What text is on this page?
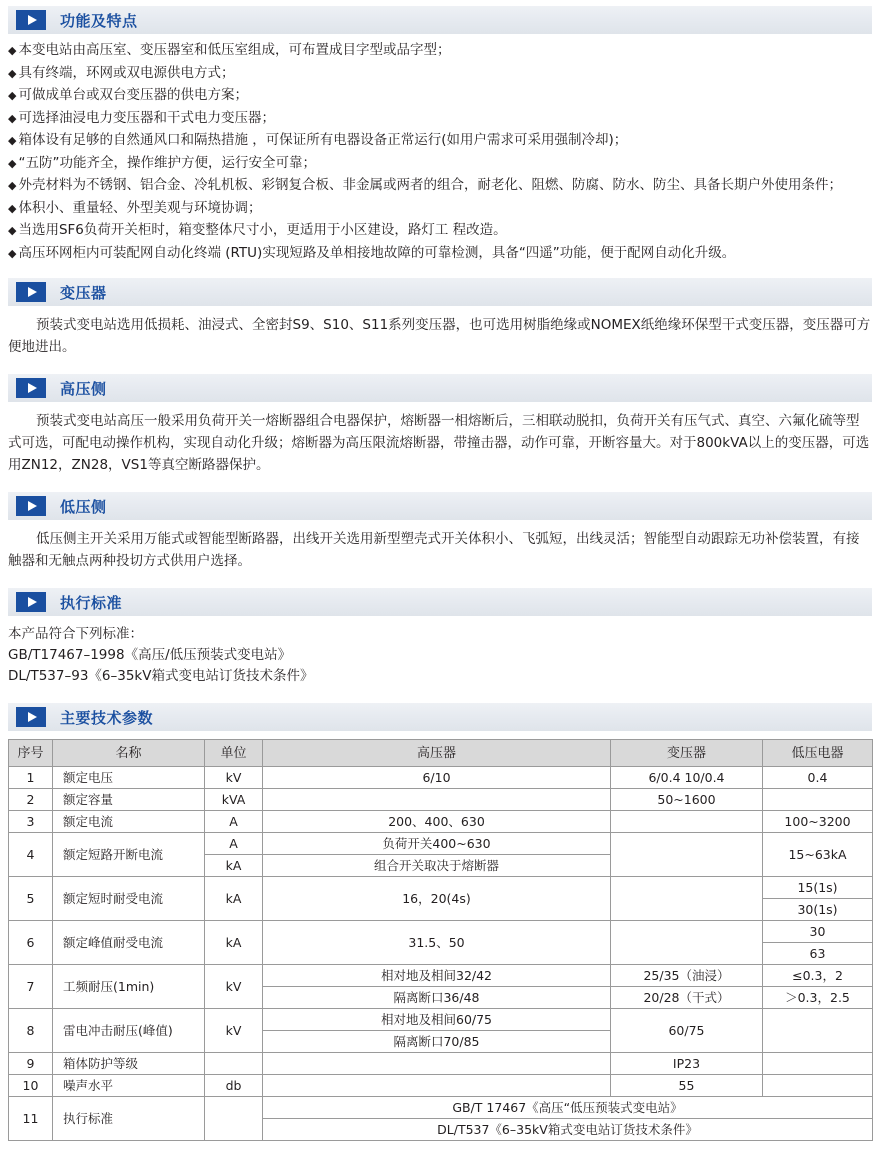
功能及特点
◆ 本变电站由高压室、变压器室和低压室组成，可布置成目字型或品字型；
◆ 具有终端，环网或双电源供电方式；
◆ 可做成单台或双台变压器的供电方案；
◆ 可选择油浸电力变压器和干式电力变压器；
◆ 箱体设有足够的自然通风口和隔热措施 ，可保证所有电器设备正常运行(如用户需求可采用强制冷却)；
◆ “五防”功能齐全，操作维护方便，运行安全可靠；
◆ 外壳材料为不锈钢、铝合金、冷轧机板、彩钢复合板、非金属或两者的组合，耐老化、阻燃、防腐、防水、防尘、具备长期户外使用条件；
◆ 体积小、重量轻、外型美观与环境协调；
◆ 当选用SF6负荷开关柜时，箱变整体尺寸小，更适用于小区建设，路灯工 程改造。
◆ 高压环网柜内可装配网自动化终端 (RTU)实现短路及单相接地故障的可靠检测，具备“四遥”功能，便于配网自动化升级。
变压器

预装式变电站选用低损耗、油浸式、全密封S9、S10、S11系列变压器，也可选用树脂绝缘或NOMEX纸绝缘环保型干式变压器，变压器可方便地进出。

高压侧

预装式变电站高压一般采用负荷开关一熔断器组合电器保护，熔断器一相熔断后，三相联动脱扣，负荷开关有压气式、真空、六氟化硫等型式可选，可配电动操作机构，实现自动化升级；熔断器为高压限流熔断器，带撞击器，动作可靠，开断容量大。对于800kVA以上的变压器，可选用ZN12，ZN28，VS1等真空断路器保护。

低压侧

低压侧主开关采用万能式或智能型断路器，出线开关选用新型塑壳式开关体积小、飞弧短，出线灵活；智能型自动跟踪无功补偿装置，有接触器和无触点两种投切方式供用户选择。

执行标准
本产品符合下列标准：
GB/T17467–1998《高压/低压预装式变电站》
DL/T537–93《6–35kV箱式变电站订货技术条件》
主要技术参数
序号	名称	单位	高压器	变压器	低压电器
1	额定电压	kV	6/10	6/0.4 10/0.4	0.4
2	额定容量	kVA		50~1600	
3	额定电流	A	200、400、630		100~3200
4	额定短路开断电流	A	负荷开关400~630		15~63kA
		kA	组合开关取决于熔断器		
5	额定短时耐受电流	kA	16，20(4s)		15(1s)
					30(1s)
6	额定峰值耐受电流	kA	31.5、50		30
					63
7	工频耐压(1min)	kV	相对地及相间32/42	25/35（油浸）	≤0.3，2
			隔离断口36/48	20/28（干式）	＞0.3，2.5
8	雷电冲击耐压(峰值)	kV	相对地及相间60/75	60/75	
			隔离断口70/85		
9	箱体防护等级			IP23	
10	噪声水平	db		55	
11	执行标准		GB/T 17467《高压“低压预装式变电站》		
			DL/T537《6–35kV箱式变电站订货技术条件》		
